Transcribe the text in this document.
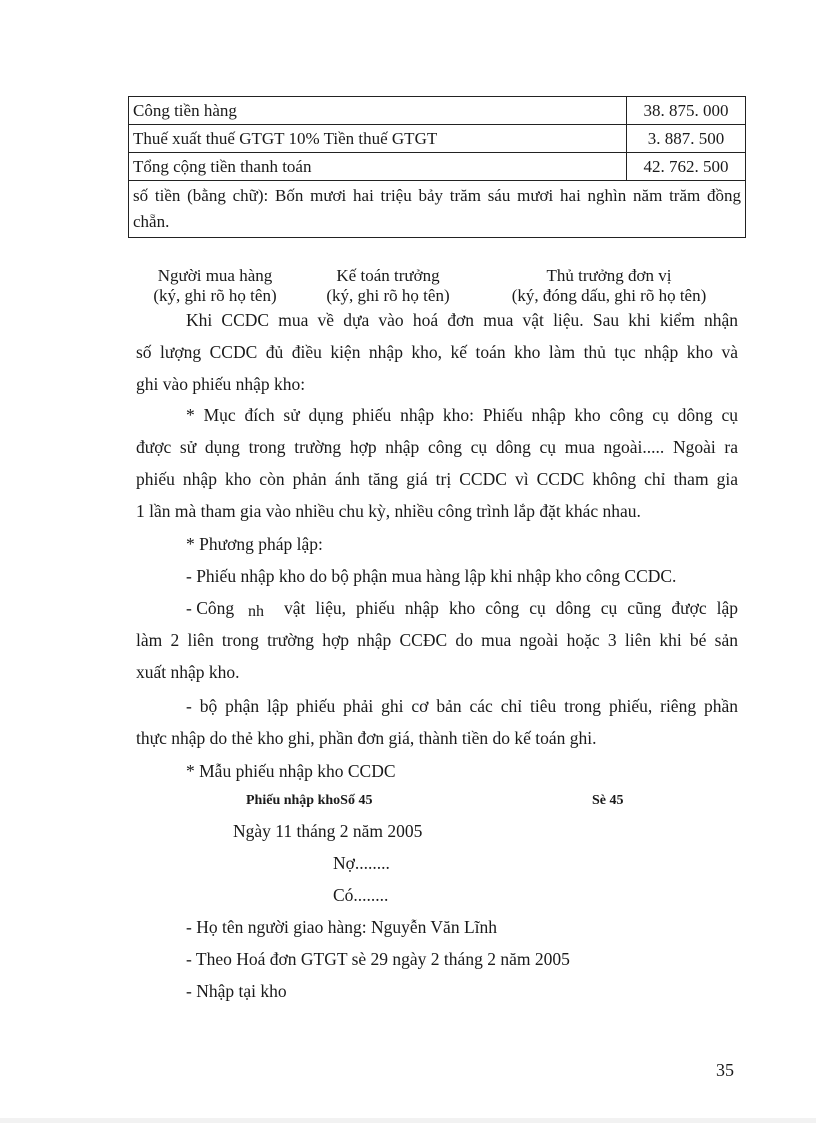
Công tiền hàng	38. 875. 000
Thuế xuất thuế GTGT 10% Tiền thuế GTGT	3. 887. 500
Tổng cộng tiền thanh toán	42. 762. 500
số tiền (bằng chữ): Bốn mươi hai triệu bảy trăm sáu mươi hai nghìn năm trăm đồng chẵn.	
Người mua hàng
(ký, ghi rõ họ tên)
Kế toán trưởng
(ký, ghi rõ họ tên)
Thủ trưởng đơn vị
(ký, đóng dấu, ghi rõ họ tên)
Khi CCDC mua về dựa vào hoá đơn mua vật liệu. Sau khi kiểm nhận
số lượng CCDC đủ điều kiện nhập kho, kế toán kho làm thủ tục nhập kho và
ghi vào phiếu nhập kho:
* Mục đích sử dụng phiếu nhập kho: Phiếu nhập kho công cụ dông cụ
được sử dụng trong trường hợp nhập công cụ dông cụ mua ngoài..... Ngoài ra
phiếu nhập kho còn phản ánh tăng giá trị CCDC vì CCDC không chỉ tham gia
1 lần mà tham gia vào nhiều chu kỳ, nhiều công trình lắp đặt khác nhau.
* Phương pháp lập:
- Phiếu nhập kho do bộ phận mua hàng lập khi nhập kho công CCDC.
- Công nh vật liệu, phiếu nhập kho công cụ dông cụ cũng được lập
làm 2 liên trong trường hợp nhập CCĐC do mua ngoài hoặc 3 liên khi bé sản
xuất nhập kho.
- bộ phận lập phiếu phải ghi cơ bản các chỉ tiêu trong phiếu, riêng phần
thực nhập do thẻ kho ghi, phần đơn giá, thành tiền do kế toán ghi.
* Mẫu phiếu nhập kho CCDC
Phiếu nhập khoSố 45	Sè 45
Ngày 11 tháng 2 năm 2005
Nợ........
Có........
- Họ tên người giao hàng: Nguyễn Văn Lĩnh
- Theo Hoá đơn GTGT sè 29 ngày 2 tháng 2 năm 2005
- Nhập tại kho
35
